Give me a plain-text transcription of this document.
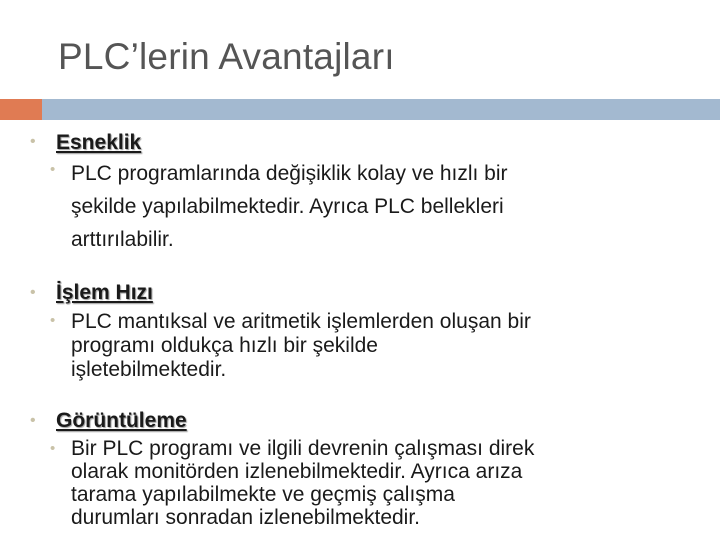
PLC’lerin Avantajları
• Esneklik
• PLC programlarında değişiklik kolay ve hızlı bir
şekilde yapılabilmektedir. Ayrıca PLC bellekleri
arttırılabilir.
• İşlem Hızı
• PLC mantıksal ve aritmetik işlemlerden oluşan bir
programı oldukça hızlı bir şekilde
işletebilmektedir.
• Görüntüleme
• Bir PLC programı ve ilgili devrenin çalışması direk
olarak monitörden izlenebilmektedir. Ayrıca arıza
tarama yapılabilmekte ve geçmiş çalışma
durumları sonradan izlenebilmektedir.
